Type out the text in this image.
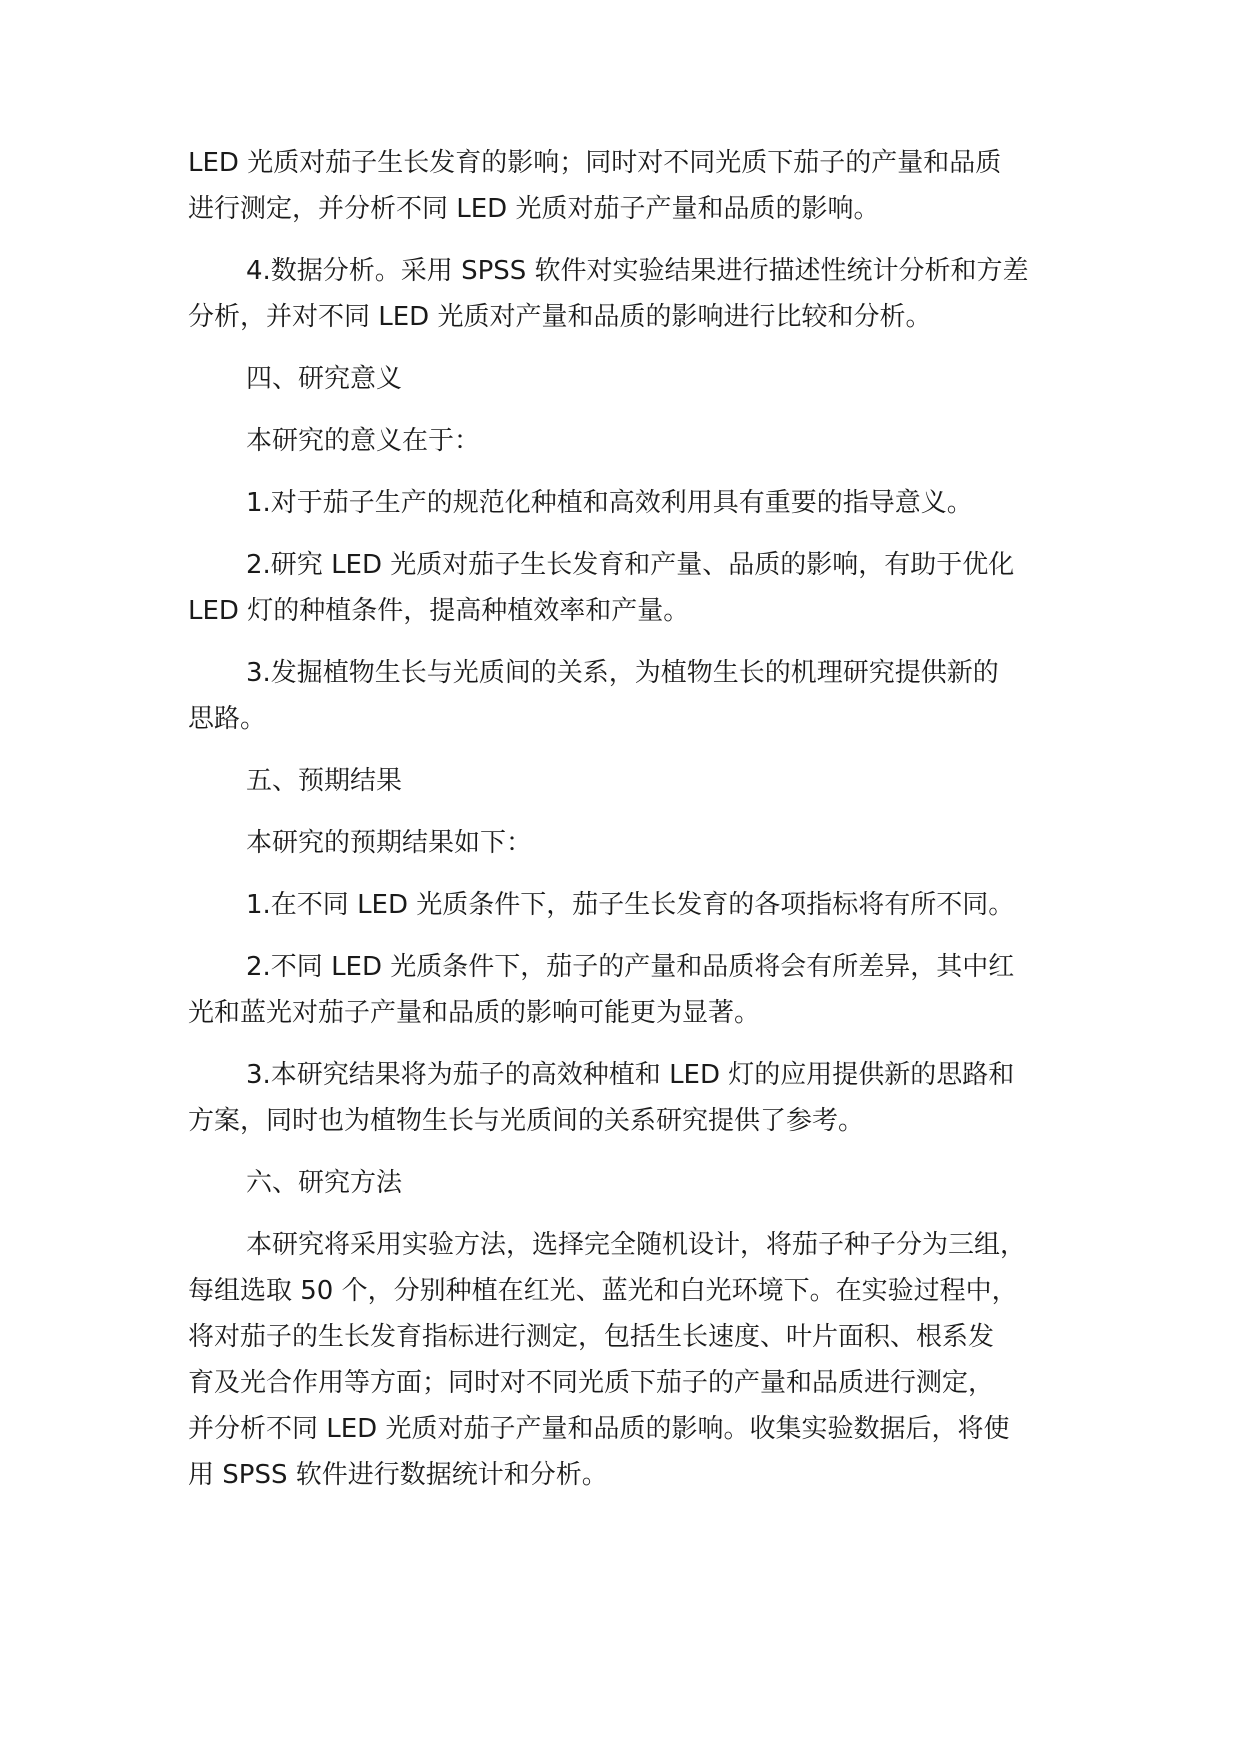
LED 光质对茄子生长发育的影响；同时对不同光质下茄子的产量和品质
进行测定，并分析不同 LED 光质对茄子产量和品质的影响。
4.数据分析。采用 SPSS 软件对实验结果进行描述性统计分析和方差
分析，并对不同 LED 光质对产量和品质的影响进行比较和分析。
四、研究意义
本研究的意义在于：
1.对于茄子生产的规范化种植和高效利用具有重要的指导意义。
2.研究 LED 光质对茄子生长发育和产量、品质的影响，有助于优化
LED 灯的种植条件，提高种植效率和产量。
3.发掘植物生长与光质间的关系，为植物生长的机理研究提供新的
思路。
五、预期结果
本研究的预期结果如下：
1.在不同 LED 光质条件下，茄子生长发育的各项指标将有所不同。
2.不同 LED 光质条件下，茄子的产量和品质将会有所差异，其中红
光和蓝光对茄子产量和品质的影响可能更为显著。
3.本研究结果将为茄子的高效种植和 LED 灯的应用提供新的思路和
方案，同时也为植物生长与光质间的关系研究提供了参考。
六、研究方法
本研究将采用实验方法，选择完全随机设计，将茄子种子分为三组，
每组选取 50 个，分别种植在红光、蓝光和白光环境下。在实验过程中，
将对茄子的生长发育指标进行测定，包括生长速度、叶片面积、根系发
育及光合作用等方面；同时对不同光质下茄子的产量和品质进行测定，
并分析不同 LED 光质对茄子产量和品质的影响。收集实验数据后，将使
用 SPSS 软件进行数据统计和分析。
